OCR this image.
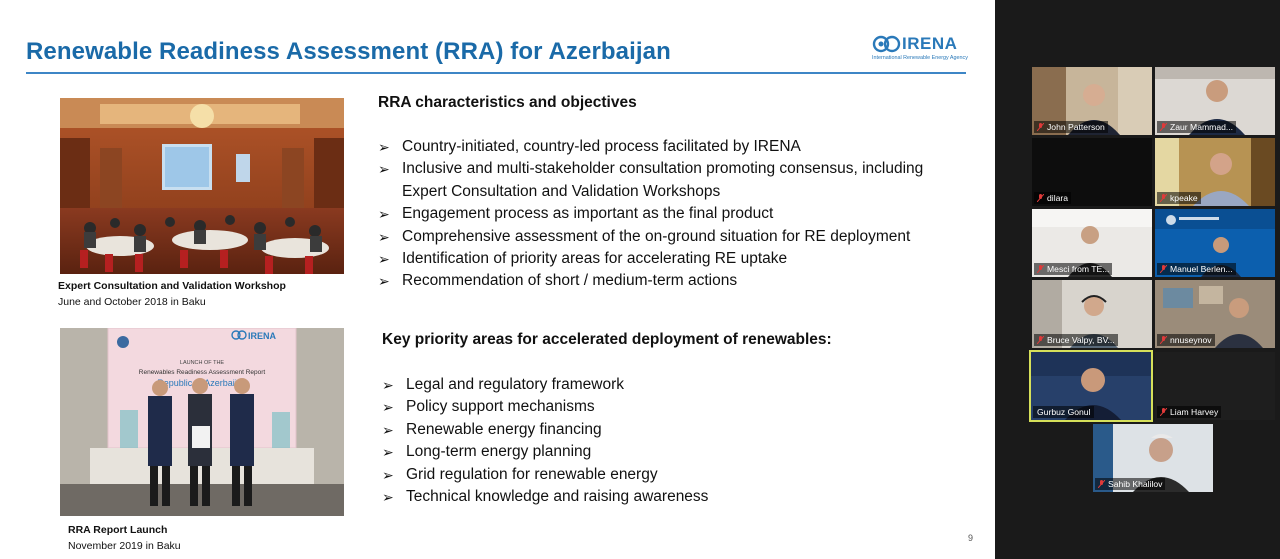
Renewable Readiness Assessment (RRA) for Azerbaijan	IRENA
International Renewable Energy Agency
Expert Consultation and Validation Workshop
June and October 2018 in Baku
LAUNCH OF THE
Renewables Readiness Assessment Report
Republic Azerbaijan
IRENA
RRA Report Launch
November 2019 in Baku
RRA characteristics and objectives
➢ Country-initiated, country-led process facilitated by IRENA
➢ Inclusive and multi-stakeholder consultation promoting consensus, including Expert Consultation and Validation Workshops
➢ Engagement process as important as the final product
➢ Comprehensive assessment of the on-ground situation for RE deployment
➢ Identification of priority areas for accelerating RE uptake
➢ Recommendation of short / medium-term actions
Key priority areas for accelerated deployment of renewables:
➢ Legal and regulatory framework
➢ Policy support mechanisms
➢ Renewable energy financing
➢ Long-term energy planning
➢ Grid regulation for renewable energy
➢ Technical knowledge and raising awareness
9
John Patterson	Zaur Mammad...
dilara	kpeake
Mesci from TE...	Manuel Berlen...
Bruce Valpy, BV...	nnuseynov
Gurbuz Gonul	Liam Harvey
Sahib Khalilov
